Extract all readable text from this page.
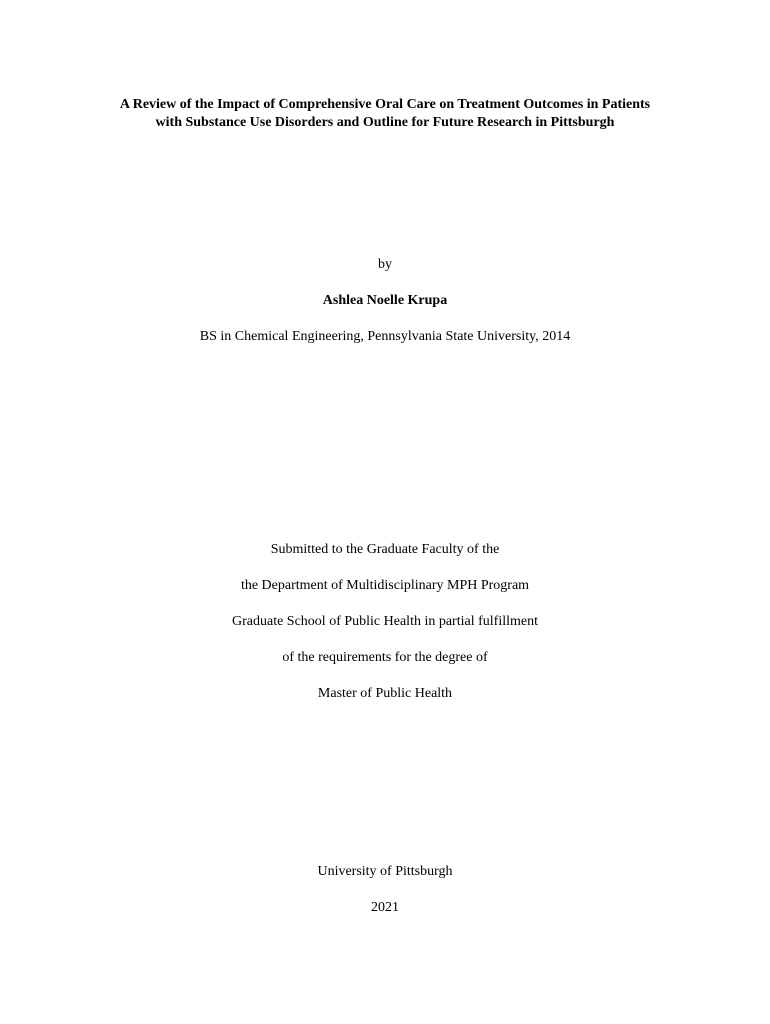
A Review of the Impact of Comprehensive Oral Care on Treatment Outcomes in Patients
with Substance Use Disorders and Outline for Future Research in Pittsburgh
by
Ashlea Noelle Krupa
BS in Chemical Engineering, Pennsylvania State University, 2014
Submitted to the Graduate Faculty of the
the Department of Multidisciplinary MPH Program
Graduate School of Public Health in partial fulfillment
of the requirements for the degree of
Master of Public Health
University of Pittsburgh
2021
